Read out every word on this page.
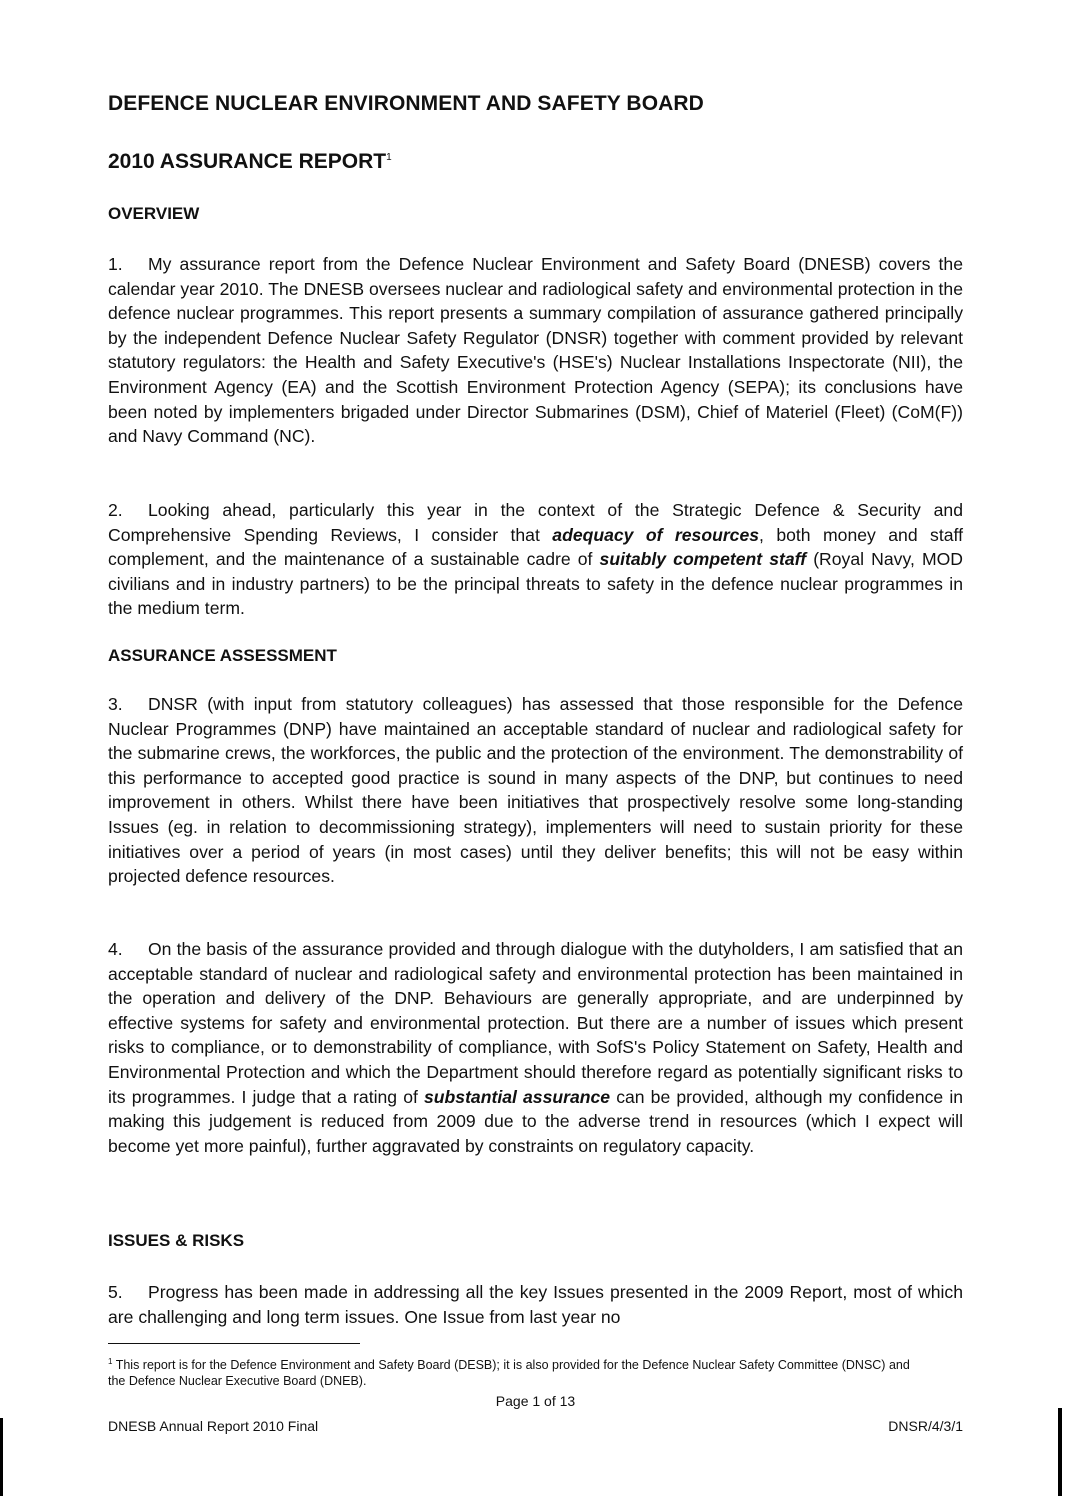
DEFENCE NUCLEAR ENVIRONMENT AND SAFETY BOARD
2010 ASSURANCE REPORT$^1$
OVERVIEW

1. My assurance report from the Defence Nuclear Environment and Safety Board (DNESB) covers the calendar year 2010. The DNESB oversees nuclear and radiological safety and environmental protection in the defence nuclear programmes. This report presents a summary compilation of assurance gathered principally by the independent Defence Nuclear Safety Regulator (DNSR) together with comment provided by relevant statutory regulators: the Health and Safety Executive's (HSE's) Nuclear Installations Inspectorate (NII), the Environment Agency (EA) and the Scottish Environment Protection Agency (SEPA); its conclusions have been noted by implementers brigaded under Director Submarines (DSM), Chief of Materiel (Fleet) (CoM(F)) and Navy Command (NC).

2. Looking ahead, particularly this year in the context of the Strategic Defence & Security and Comprehensive Spending Reviews, I consider that adequacy of resources, both money and staff complement, and the maintenance of a sustainable cadre of suitably competent staff (Royal Navy, MOD civilians and in industry partners) to be the principal threats to safety in the defence nuclear programmes in the medium term.

ASSURANCE ASSESSMENT

3. DNSR (with input from statutory colleagues) has assessed that those responsible for the Defence Nuclear Programmes (DNP) have maintained an acceptable standard of nuclear and radiological safety for the submarine crews, the workforces, the public and the protection of the environment. The demonstrability of this performance to accepted good practice is sound in many aspects of the DNP, but continues to need improvement in others. Whilst there have been initiatives that prospectively resolve some long-standing Issues (eg. in relation to decommissioning strategy), implementers will need to sustain priority for these initiatives over a period of years (in most cases) until they deliver benefits; this will not be easy within projected defence resources.

4. On the basis of the assurance provided and through dialogue with the dutyholders, I am satisfied that an acceptable standard of nuclear and radiological safety and environmental protection has been maintained in the operation and delivery of the DNP. Behaviours are generally appropriate, and are underpinned by effective systems for safety and environmental protection. But there are a number of issues which present risks to compliance, or to demonstrability of compliance, with SofS's Policy Statement on Safety, Health and Environmental Protection and which the Department should therefore regard as potentially significant risks to its programmes. I judge that a rating of substantial assurance can be provided, although my confidence in making this judgement is reduced from 2009 due to the adverse trend in resources (which I expect will become yet more painful), further aggravated by constraints on regulatory capacity.

ISSUES & RISKS

5. Progress has been made in addressing all the key Issues presented in the 2009 Report, most of which are challenging and long term issues. One Issue from last year no

$^1$ This report is for the Defence Environment and Safety Board (DESB); it is also provided for the Defence Nuclear Safety Committee (DNSC) and the Defence Nuclear Executive Board (DNEB).
Page 1 of 13
DNESB Annual Report 2010 Final	DNSR/4/3/1
